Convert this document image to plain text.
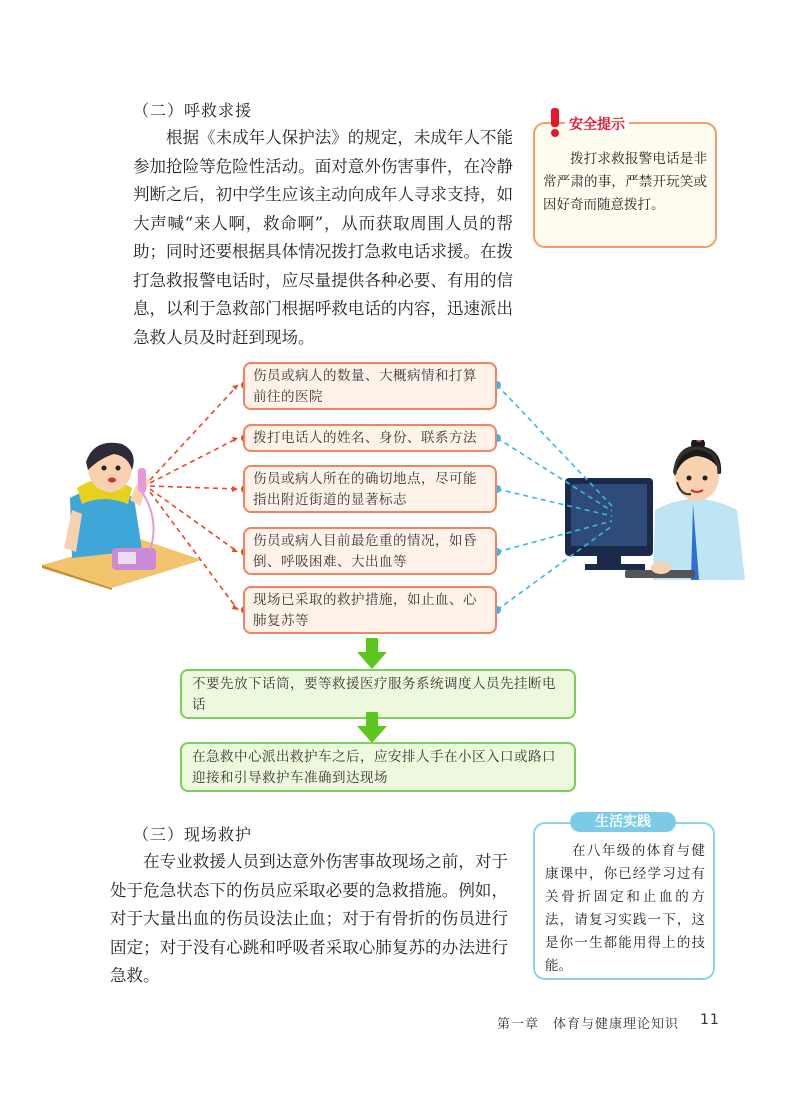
（二）呼救求援

根据《未成年人保护法》的规定，未成年人不能参加抢险等危险性活动。面对意外伤害事件，在冷静判断之后，初中学生应该主动向成年人寻求支持，如大声喊“来人啊，救命啊”，从而获取周围人员的帮助；同时还要根据具体情况拨打急救电话求援。在拨打急救报警电话时，应尽量提供各种必要、有用的信息，以利于急救部门根据呼救电话的内容，迅速派出急救人员及时赶到现场。

拨打求救报警电话是非常严肃的事，严禁开玩笑或因好奇而随意拨打。

安全提示
伤员或病人的数量、大概病情和打算前往的医院
拨打电话人的姓名、身份、联系方法
伤员或病人所在的确切地点，尽可能指出附近街道的显著标志
伤员或病人目前最危重的情况，如昏倒、呼吸困难、大出血等
现场已采取的救护措施，如止血、心肺复苏等
不要先放下话筒，要等救援医疗服务系统调度人员先挂断电话
在急救中心派出救护车之后，应安排人手在小区入口或路口迎接和引导救护车准确到达现场
（三）现场救护

在专业救援人员到达意外伤害事故现场之前，对于处于危急状态下的伤员应采取必要的急救措施。例如，对于大量出血的伤员设法止血；对于有骨折的伤员进行固定；对于没有心跳和呼吸者采取心肺复苏的办法进行急救。

在八年级的体育与健康课中，你已经学习过有关骨折固定和止血的方法，请复习实践一下，这是你一生都能用得上的技能。

生活实践
第一章　体育与健康理论知识 11
